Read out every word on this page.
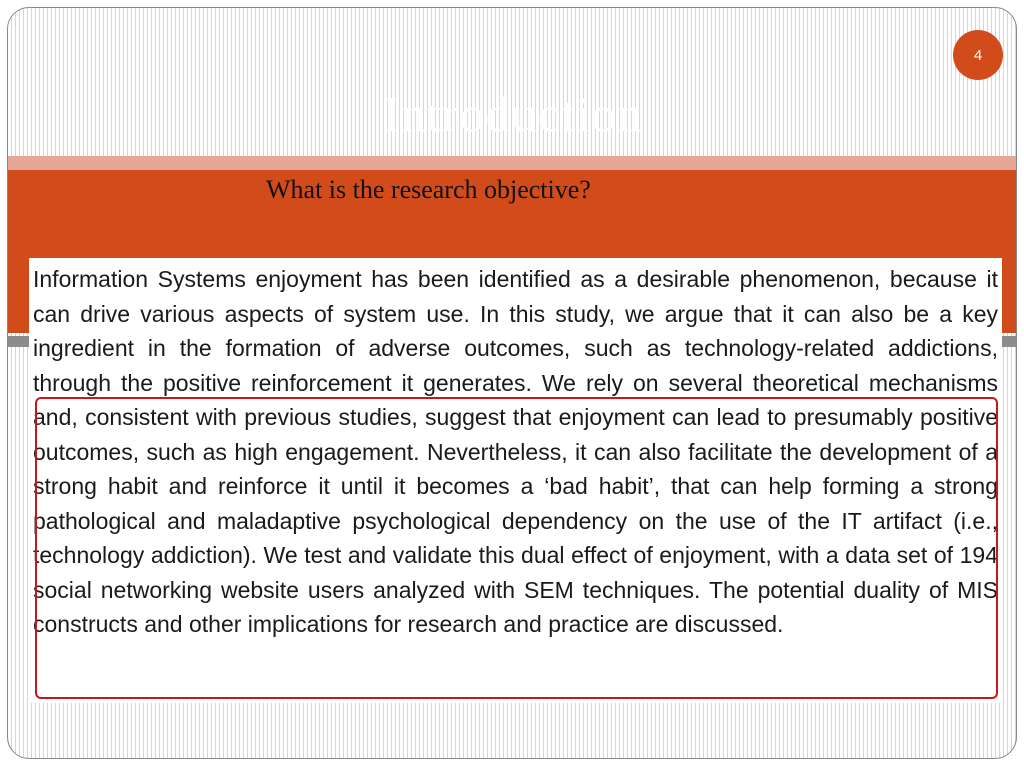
4
Introduction
What is the research objective?

Information Systems enjoyment has been identified as a desirable phenomenon, because it can drive various aspects of system use. In this study, we argue that it can also be a key ingredient in the formation of adverse outcomes, such as technology-related addictions, through the positive reinforcement it generates. We rely on several theoretical mechanisms and, consistent with previous studies, suggest that enjoyment can lead to presumably positive outcomes, such as high engagement. Nevertheless, it can also facilitate the development of a strong habit and reinforce it until it becomes a ‘bad habit’, that can help forming a strong pathological and maladaptive psychological dependency on the use of the IT artifact (i.e., technology addiction). We test and validate this dual effect of enjoyment, with a data set of 194 social networking website users analyzed with SEM techniques. The potential duality of MIS constructs and other implications for research and practice are discussed.
